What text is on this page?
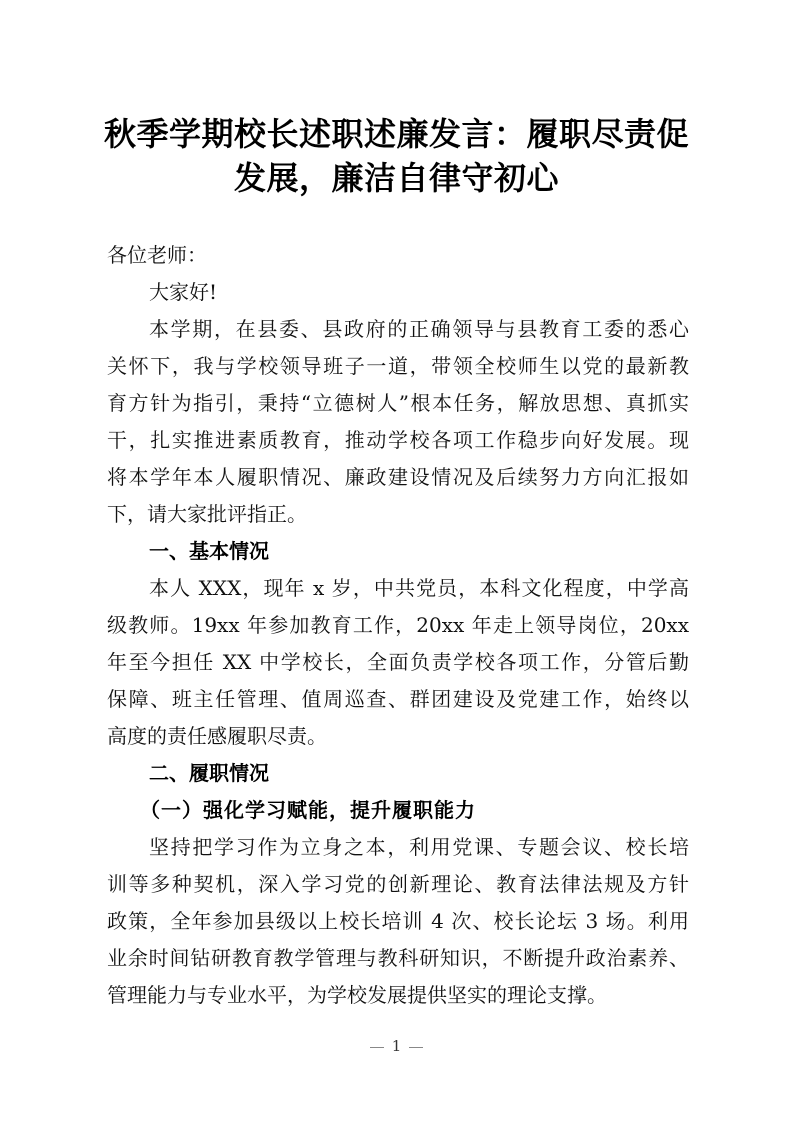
秋季学期校长述职述廉发言：履职尽责促
发展，廉洁自律守初心
各位老师：
大家好!
本学期，在县委、县政府的正确领导与县教育工委的悉心
关怀下，我与学校领导班子一道，带领全校师生以党的最新教
育方针为指引，秉持“立德树人”根本任务，解放思想、真抓实
干，扎实推进素质教育，推动学校各项工作稳步向好发展。现
将本学年本人履职情况、廉政建设情况及后续努力方向汇报如
下，请大家批评指正。
一、基本情况
本人 XXX，现年 x 岁，中共党员，本科文化程度，中学高
级教师。19xx 年参加教育工作，20xx 年走上领导岗位，20xx
年至今担任 XX 中学校长，全面负责学校各项工作，分管后勤
保障、班主任管理、值周巡查、群团建设及党建工作，始终以
高度的责任感履职尽责。
二、履职情况
（一）强化学习赋能，提升履职能力
坚持把学习作为立身之本，利用党课、专题会议、校长培
训等多种契机，深入学习党的创新理论、教育法律法规及方针
政策，全年参加县级以上校长培训 4 次、校长论坛 3 场。利用
业余时间钻研教育教学管理与教科研知识，不断提升政治素养、
管理能力与专业水平，为学校发展提供坚实的理论支撑。
1
